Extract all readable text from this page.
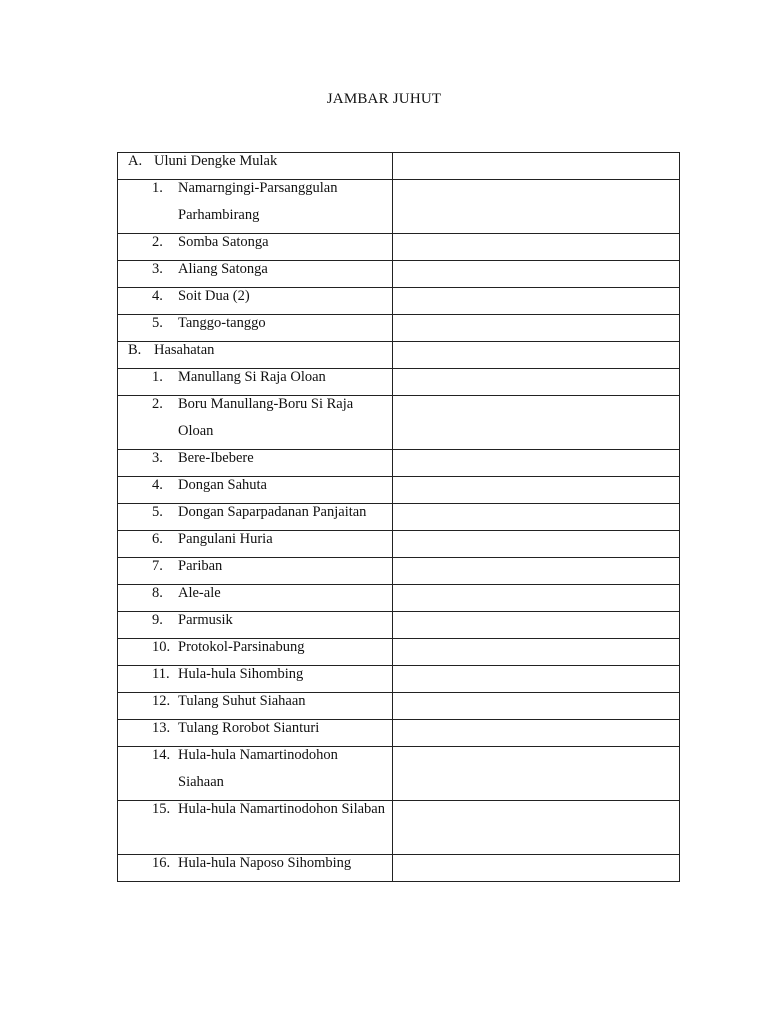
JAMBAR JUHUT
A. Uluni Dengke Mulak	

1. Namarngingi-Parsanggulan Parhambirang	

2. Somba Satonga	

3. Aliang Satonga	

4. Soit Dua (2)	

5. Tanggo-tanggo	

B. Hasahatan	

1. Manullang Si Raja Oloan	

2. Boru Manullang-Boru Si Raja Oloan	

3. Bere-Ibebere	

4. Dongan Sahuta	

5. Dongan Saparpadanan Panjaitan	

6. Pangulani Huria	

7. Pariban	

8. Ale-ale	

9. Parmusik	

10. Protokol-Parsinabung	

11. Hula-hula Sihombing	

12. Tulang Suhut Siahaan	

13. Tulang Rorobot Sianturi	

14. Hula-hula Namartinodohon Siahaan	

15. Hula-hula Namartinodohon Silaban	

16. Hula-hula Naposo Sihombing	
